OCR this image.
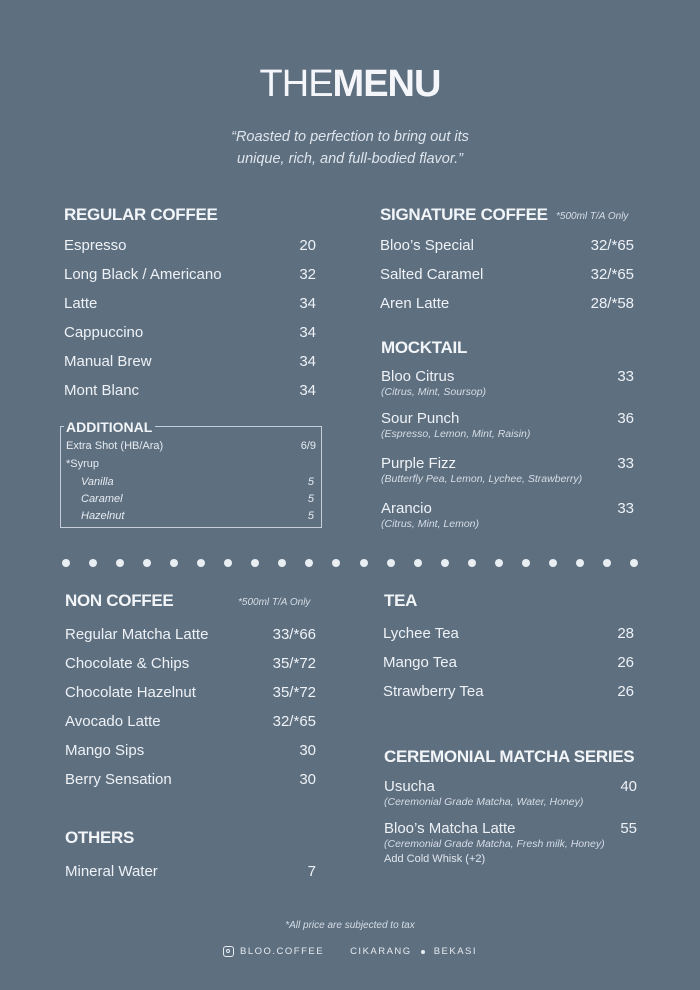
THEMENU
“Roasted to perfection to bring out its
unique, rich, and full-bodied flavor.”
REGULAR COFFEE
Espresso	20
Long Black / Americano	32
Latte	34
Cappuccino	34
Manual Brew	34
Mont Blanc	34
ADDITIONAL
Extra Shot (HB/Ara)	6/9
*Syrup
Vanilla	5
Caramel	5
Hazelnut	5
SIGNATURE COFFEE *500ml T/A Only
Bloo’s Special	32/*65
Salted Caramel	32/*65
Aren Latte	28/*58
MOCKTAIL
Bloo Citrus	33
(Citrus, Mint, Soursop)
Sour Punch	36
(Espresso, Lemon, Mint, Raisin)
Purple Fizz	33
(Butterfly Pea, Lemon, Lychee, Strawberry)
Arancio	33
(Citrus, Mint, Lemon)
NON COFFEE	*500ml T/A Only
Regular Matcha Latte	33/*66
Chocolate & Chips	35/*72
Chocolate Hazelnut	35/*72
Avocado Latte	32/*65
Mango Sips	30
Berry Sensation	30
OTHERS
Mineral Water	7
TEA
Lychee Tea	28
Mango Tea	26
Strawberry Tea	26
CEREMONIAL MATCHA SERIES
Usucha	40
(Ceremonial Grade Matcha, Water, Honey)
Bloo’s Matcha Latte	55
(Ceremonial Grade Matcha, Fresh milk, Honey)
Add Cold Whisk (+2)
*All price are subjected to tax
BLOO.COFFEE	CIKARANG BEKASI
